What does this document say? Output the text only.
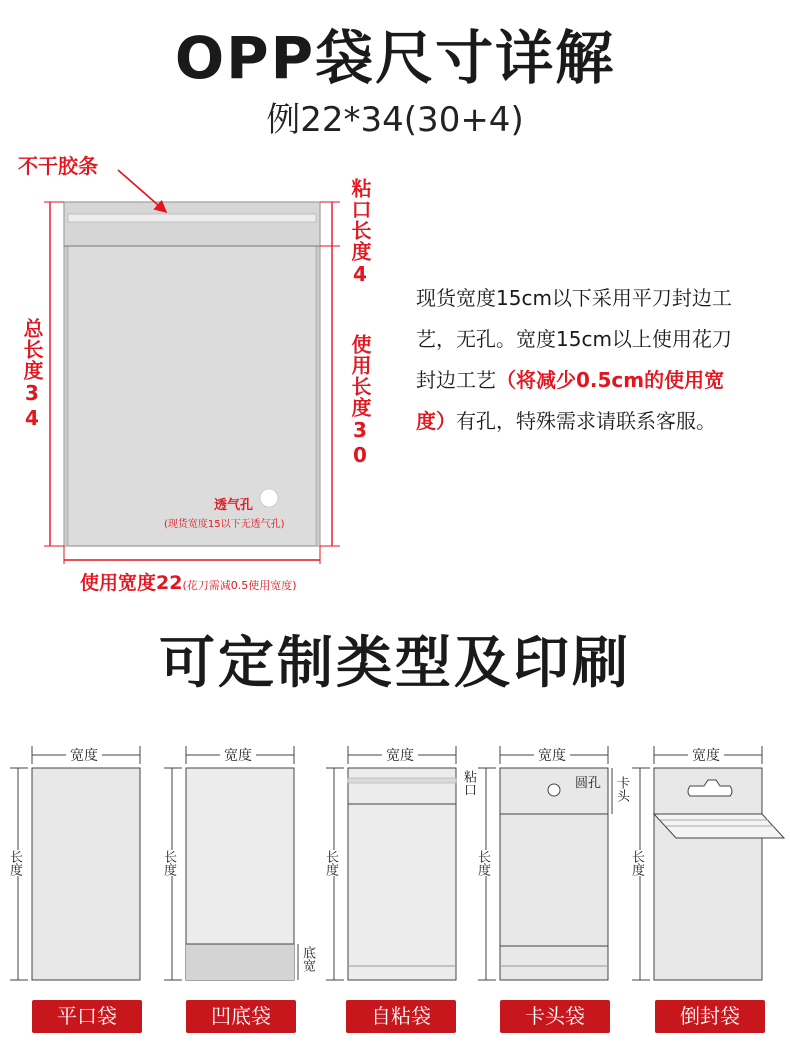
OPP袋尺寸详解
例22*34(30+4)
不干胶条
粘口长度4
总长度34	使用长度30
透气孔
(现货宽度15以下无透气孔)
使用宽度22(花刀需减0.5使用宽度)
现货宽度15cm以下采用平刀封边工艺，无孔。宽度15cm以上使用花刀封边工艺（将减少0.5cm的使用宽度）有孔，特殊需求请联系客服。
可定制类型及印刷
宽度
长度
宽度
长度
底宽
宽度
长度
粘口
宽度
长度
圆孔 卡头
宽度
长度
平口袋	凹底袋	自粘袋	卡头袋	倒封袋
